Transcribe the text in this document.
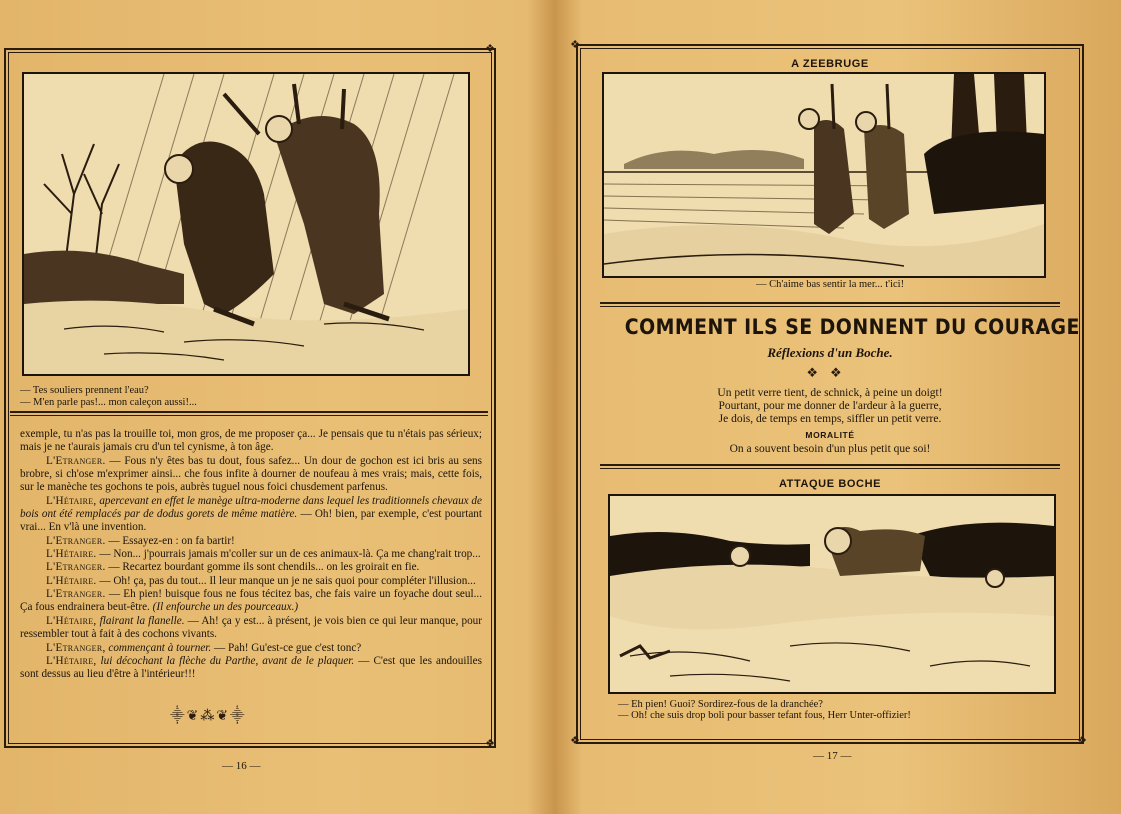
❖
❖
— Tes souliers prennent l'eau?
— M'en parle pas!... mon caleçon aussi!...

exemple, tu n'as pas la trouille toi, mon gros, de me proposer ça... Je pensais que tu n'étais pas sérieux; mais je ne t'aurais jamais cru d'un tel cynisme, à ton âge.

L'Etranger. — Fous n'y êtes bas tu dout, fous safez... Un dour de gochon est ici bris au sens brobre, si ch'ose m'exprimer ainsi... che fous infite à dourner de noufeau à mes vrais; mais, cette fois, sur le manèche tes gochons te pois, aubrès tuguel nous foici chusdement parfenus.

L'Hétaire, apercevant en effet le manège ultra-moderne dans lequel les traditionnels chevaux de bois ont été remplacés par de dodus gorets de même matière. — Oh! bien, par exemple, c'est pourtant vrai... En v'là une invention.

L'Etranger. — Essayez-en : on fa bartir!

L'Hétaire. — Non... j'pourrais jamais m'coller sur un de ces animaux-là. Ça me chang'rait trop...

L'Etranger. — Recartez bourdant gomme ils sont chendils... on les groirait en fie.

L'Hétaire. — Oh! ça, pas du tout... Il leur manque un je ne sais quoi pour compléter l'illusion...

L'Etranger. — Eh pien! buisque fous ne fous técitez bas, che fais vaire un foyache dout seul... Ça fous endrainera beut-être. (Il enfourche un des pourceaux.)

L'Hétaire, flairant la flanelle. — Ah! ça y est... à présent, je vois bien ce qui leur manque, pour ressembler tout à fait à des cochons vivants.

L'Etranger, commençant à tourner. — Pah! Gu'est-ce gue c'est tonc?

L'Hétaire, lui décochant la flèche du Parthe, avant de le plaquer. — C'est que les andouilles sont dessus au lieu d'être à l'intérieur!!!

⸎❦⁂❦⸎
— 16 —
❖
❖	❖
A ZEEBRUGE
— Ch'aime bas sentir la mer... t'ici!
COMMENT ILS SE DONNENT DU COURAGE
Réflexions d'un Boche.
❖❖
Un petit verre tient, de schnick, à peine un doigt!
Pourtant, pour me donner de l'ardeur à la guerre,
Je dois, de temps en temps, siffler un petit verre.
MORALITÉ
On a souvent besoin d'un plus petit que soi!
ATTAQUE BOCHE
— Eh pien! Guoi? Sordirez-fous de la dranchée?
— Oh! che suis drop boli pour basser tefant fous, Herr Unter-offizier!
— 17 —
